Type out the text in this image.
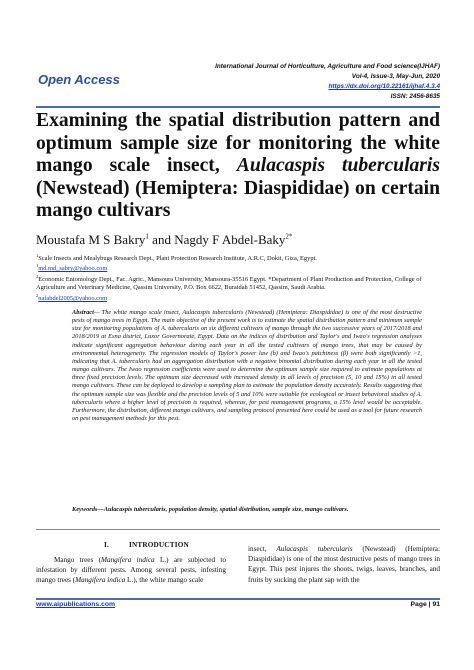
International Journal of Horticulture, Agriculture and Food science(IJHAF)
Vol-4, Issue-3, May-Jun, 2020
https://dx.doi.org/10.22161/ijhaf.4.3.4
ISSN: 2456-8635
Open Access
Examining the spatial distribution pattern and optimum sample size for monitoring the white mango scale insect, Aulacaspis tubercularis (Newstead) (Hemiptera: Diaspididae) on certain mango cultivars
Moustafa M S Bakry$^1$ and Nagdy F Abdel-Baky$^{2*}$
$^1$Scale Insects and Mealybugs Research Dept., Plant Protection Research Institute, A.R.C, Dokii, Giza, Egypt.
$^1$md.md_sabry@yahoo.com
$^2$Economic Entomology Dept., Fac. Agric., Mansoura University, Mansoura-35516 Egypt. *Department of Plant Production and Protection, College of Agriculture and Veterinary Medicine, Qassim University, P.O. Box 6622, Buraidah 51452, Qassim, Saudi Arabia.
$^2$nafabdel2005@yahoo.com
Abstract— The white mango scale insect, Aulacaspis tubercularis (Newstead) (Hemiptera: Diaspididae) is one of the most destructive pests of mango trees in Egypt. The main objective of the present work is to estimate the spatial distribution pattern and minimum sample size for monitoring populations of A. tubercularis on six different cultivars of mango through the two successive years of 2017/2018 and 2018/2019 at Esna district, Luxor Governorate, Egypt. Data on the indices of distribution and Taylor's and Iwao's regression analyses indicate significant aggregation behaviour during each year in all the tested cultivars of mango trees, that may be caused by environmental heterogeneity. The regression models of Taylor's power law (b) and Iwao's patchiness (β) were both significantly >1, indicating that A. tubercularis had an aggregation distribution with a negative binomial distribution during each year in all the tested mango cultivars. The Iwao regression coefficients were used to determine the optimum sample size required to estimate populations at three fixed precision levels. The optimum size decreased with increased density in all levels of precision (5, 10 and 15%) in all tested mango cultivars. These can be deployed to develop a sampling plan to estimate the population density accurately. Results suggesting that the optimum sample size was flexible and the precision levels of 5 and 10% were suitable for ecological or insect behavioral studies of A. tubercularis where a higher level of precision is required, whereas, for pest management programs, a 15% level would be acceptable. Furthermore, the distribution, different mango cultivars, and sampling protocol presented here could be used as a tool for future research on pest management methods for this pest.
Keywords—Aulacaspis tubercularis, population density, spatial distribution, sample size, mango cultivars.
I.          INTRODUCTION
Mango trees (Mangifera indica L.) are subjected to infestation by different pests. Among several pests, infesting mango trees (Mangifera indica L.), the white mango scale
insect, Aulacaspis tubercularis (Newstead) (Hemiptera: Diaspididae) is one of the most destructive pests of mango trees in Egypt. This pest injures the shoots, twigs, leaves, branches, and fruits by sucking the plant sap with the
www.aipublications.com	Page | 91
